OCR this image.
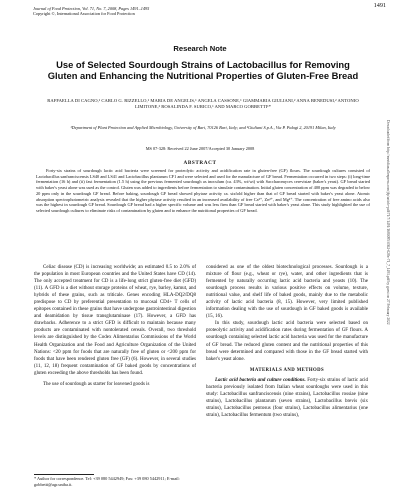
1491
Journal of Food Protection, Vol. 71, No. 7, 2008, Pages 1491–1495
Copyright ©, International Association for Food Protection
Research Note
Use of Selected Sourdough Strains of Lactobacillus for Removing Gluten and Enhancing the Nutritional Properties of Gluten-Free Bread
RAFFAELLA DI CAGNO,¹ CARLO G. RIZZELLO,¹ MARIA DE ANGELIS,¹ ANGELA CASSONE,¹ GIAMMARIA GIULIANI,² ANNA BENEDUSI,² ANTONIO LIMITONE,² ROSALINDA F. SURICO,¹ AND MARCO GOBBETTI¹*
¹Department of Plant Protection and Applied Microbiology, University of Bari, 70126 Bari, Italy; and ²Giuliani S.p.A., Via P. Palagi 2, 20191 Milan, Italy
MS 07-328: Received 22 June 2007/Accepted 30 January 2008
ABSTRACT
Forty-six strains of sourdough lactic acid bacteria were screened for proteolytic activity and acidification rate in gluten-free (GF) flours. The sourdough cultures consisted of Lactobacillus sanfranciscensis LS40 and LS41 and Lactobacillus plantarum CF1 and were selected and used for the manufacture of GF bread. Fermentation occurred in two steps: (i) long-time fermentation (16 h) and (ii) fast fermentation (1.5 h) using the previous fermented sourdough as inoculum (ca. 43%, wt/wt) with Saccharomyces cerevisiae (baker's yeast). GF bread started with baker's yeast alone was used as the control. Gluten was added to ingredients before fermentation to simulate contamination. Initial gluten concentration of 400 ppm was degraded to below 20 ppm only in the sourdough GF bread. Before baking, sourdough GF bread showed phytase activity ca. sixfold higher than that of GF bread started with baker's yeast alone. Atomic absorption spectrophotometric analysis revealed that the higher phytase activity resulted in an increased availability of free Ca²⁺, Zn²⁺, and Mg²⁺. The concentration of free amino acids also was the highest in sourdough GF bread. Sourdough GF bread had a higher specific volume and was less firm than GF bread started with baker's yeast alone. This study highlighted the use of selected sourdough cultures to eliminate risks of contamination by gluten and to enhance the nutritional properties of GF bread.

Celiac disease (CD) is increasing worldwide; an estimated 0.5 to 2.0% of the population in most European countries and the United States have CD (14). The only accepted treatment for CD is a life-long strict gluten-free diet (GFD) (11). A GFD is a diet without storage proteins of wheat, rye, barley, kamut, and hybrids of these grains, such as triticale. Genes encoding HLA-DQ2/DQ8 predispose to CD by preferential presentation to mucosal CD4+ T cells of epitopes contained in these grains that have undergone gastrointestinal digestion and deamidation by tissue transglutaminase (17). However, a GFD has drawbacks. Adherence to a strict GFD is difficult to maintain because many products are contaminated with nontolerated cereals. Overall, two threshold levels are distinguished by the Codex Alimentarius Commissions of the World Health Organization and the Food and Agriculture Organization of the United Nations: <20 ppm for foods that are naturally free of gluten or <200 ppm for foods that have been rendered gluten free (GF) (6). However, in several studies (11, 12, 18) frequent contamination of GF baked goods by concentrations of gluten exceeding the above thresholds has been found.

The use of sourdough as starter for leavened goods is

considered as one of the oldest biotechnological processes. Sourdough is a mixture of flour (e.g., wheat or rye), water, and other ingredients that is fermented by naturally occurring lactic acid bacteria and yeasts (10). The sourdough process results in various positive effects on volume, texture, nutritional value, and shelf life of baked goods, mainly due to the metabolic activity of lactic acid bacteria (8, 15). However, very limited published information dealing with the use of sourdough in GF baked goods is available (15, 16).

In this study, sourdough lactic acid bacteria were selected based on proteolytic activity and acidification rates during fermentation of GF flours. A sourdough containing selected lactic acid bacteria was used for the manufacture of GF bread. The reduced gluten content and the nutritional properties of this bread were determined and compared with those in the GF bread started with baker's yeast alone.

MATERIALS AND METHODS

Lactic acid bacteria and culture conditions. Forty-six strains of lactic acid bacteria previously isolated from Italian wheat sourdoughs were used in this study: Lactobacillus sanfranciscensis (nine strains), Lactobacillus rossiae (nine strains), Lactobacillus plantarum (seven strains), Lactobacillus brevis (six strains), Lactobacillus pentosus (four strains), Lactobacillus alimentarius (one strain), Lactobacillus fermentum (two strains),

* Author for correspondence. Tel: +39 080 5442949; Fax: +39 080 5442911; E-mail: gobbetti@agr.uniba.it.
Downloaded from http://meridian.allenpress.com/jfp/article-pdf/71/7/1491/1680095/0362-028x-71_7_1491.pdf by guest on 27 February 2022
